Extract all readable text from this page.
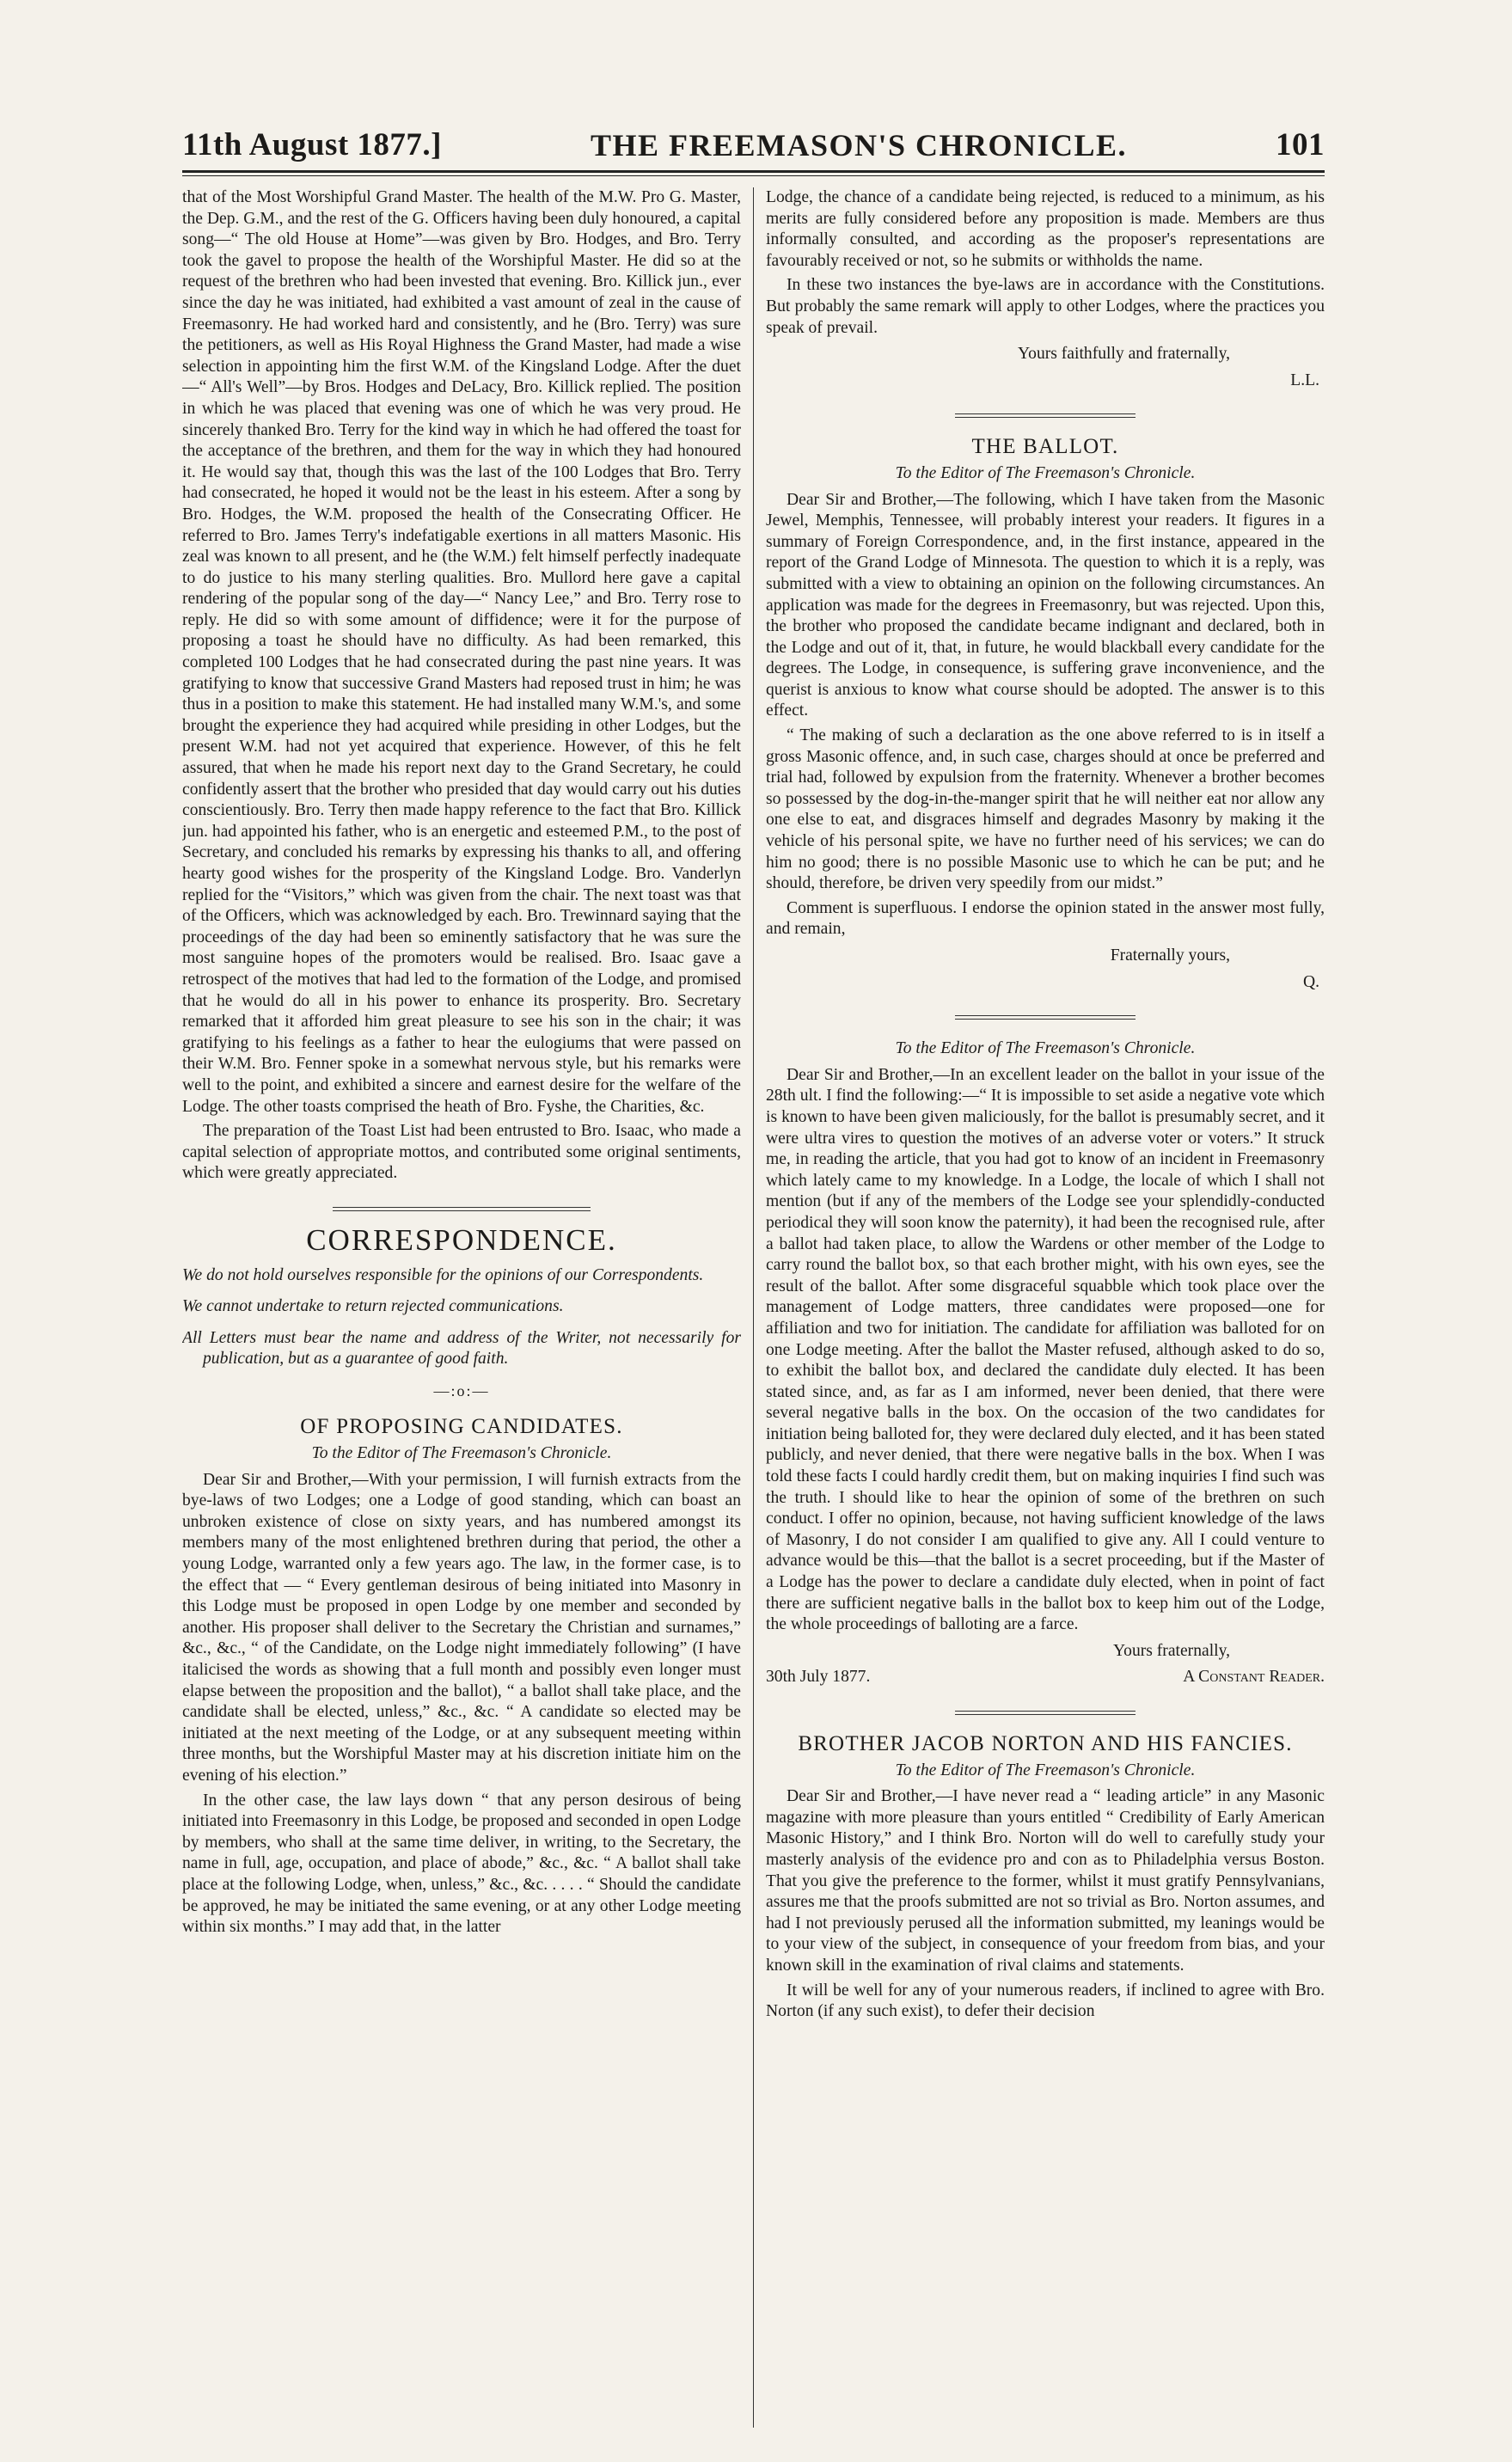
11th August 1877.]	THE FREEMASON'S CHRONICLE.	101

that of the Most Worshipful Grand Master. The health of the M.W. Pro G. Master, the Dep. G.M., and the rest of the G. Officers having been duly honoured, a capital song—“ The old House at Home”—was given by Bro. Hodges, and Bro. Terry took the gavel to propose the health of the Worshipful Master. He did so at the request of the brethren who had been invested that evening. Bro. Killick jun., ever since the day he was initiated, had exhibited a vast amount of zeal in the cause of Freemasonry. He had worked hard and consistently, and he (Bro. Terry) was sure the petitioners, as well as His Royal Highness the Grand Master, had made a wise selection in appointing him the first W.M. of the Kingsland Lodge. After the duet—“ All's Well”—by Bros. Hodges and DeLacy, Bro. Killick replied. The position in which he was placed that evening was one of which he was very proud. He sincerely thanked Bro. Terry for the kind way in which he had offered the toast for the acceptance of the brethren, and them for the way in which they had honoured it. He would say that, though this was the last of the 100 Lodges that Bro. Terry had consecrated, he hoped it would not be the least in his esteem. After a song by Bro. Hodges, the W.M. proposed the health of the Consecrating Officer. He referred to Bro. James Terry's indefatigable exertions in all matters Masonic. His zeal was known to all present, and he (the W.M.) felt himself perfectly inadequate to do justice to his many sterling qualities. Bro. Mullord here gave a capital rendering of the popular song of the day—“ Nancy Lee,” and Bro. Terry rose to reply. He did so with some amount of diffidence; were it for the purpose of proposing a toast he should have no difficulty. As had been remarked, this completed 100 Lodges that he had consecrated during the past nine years. It was gratifying to know that successive Grand Masters had reposed trust in him; he was thus in a position to make this statement. He had installed many W.M.'s, and some brought the experience they had acquired while presiding in other Lodges, but the present W.M. had not yet acquired that experience. However, of this he felt assured, that when he made his report next day to the Grand Secretary, he could confidently assert that the brother who presided that day would carry out his duties conscientiously. Bro. Terry then made happy reference to the fact that Bro. Killick jun. had appointed his father, who is an energetic and esteemed P.M., to the post of Secretary, and concluded his remarks by expressing his thanks to all, and offering hearty good wishes for the prosperity of the Kingsland Lodge. Bro. Vanderlyn replied for the “Visitors,” which was given from the chair. The next toast was that of the Officers, which was acknowledged by each. Bro. Trewinnard saying that the proceedings of the day had been so eminently satisfactory that he was sure the most sanguine hopes of the promoters would be realised. Bro. Isaac gave a retrospect of the motives that had led to the formation of the Lodge, and promised that he would do all in his power to enhance its prosperity. Bro. Secretary remarked that it afforded him great pleasure to see his son in the chair; it was gratifying to his feelings as a father to hear the eulogiums that were passed on their W.M. Bro. Fenner spoke in a somewhat nervous style, but his remarks were well to the point, and exhibited a sincere and earnest desire for the welfare of the Lodge. The other toasts comprised the heath of Bro. Fyshe, the Charities, &c.

The preparation of the Toast List had been entrusted to Bro. Isaac, who made a capital selection of appropriate mottos, and contributed some original sentiments, which were greatly appreciated.

CORRESPONDENCE.

We do not hold ourselves responsible for the opinions of our Correspondents.

We cannot undertake to return rejected communications.

All Letters must bear the name and address of the Writer, not necessarily for publication, but as a guarantee of good faith.

—:o:—
OF PROPOSING CANDIDATES.

To the Editor of The Freemason's Chronicle.

Dear Sir and Brother,—With your permission, I will furnish extracts from the bye-laws of two Lodges; one a Lodge of good standing, which can boast an unbroken existence of close on sixty years, and has numbered amongst its members many of the most enlightened brethren during that period, the other a young Lodge, warranted only a few years ago. The law, in the former case, is to the effect that — “ Every gentleman desirous of being initiated into Masonry in this Lodge must be proposed in open Lodge by one member and seconded by another. His proposer shall deliver to the Secretary the Christian and surnames,” &c., &c., “ of the Candidate, on the Lodge night immediately following” (I have italicised the words as showing that a full month and possibly even longer must elapse between the proposition and the ballot), “ a ballot shall take place, and the candidate shall be elected, unless,” &c., &c. “ A candidate so elected may be initiated at the next meeting of the Lodge, or at any subsequent meeting within three months, but the Worshipful Master may at his discretion initiate him on the evening of his election.”

In the other case, the law lays down “ that any person desirous of being initiated into Freemasonry in this Lodge, be proposed and seconded in open Lodge by members, who shall at the same time deliver, in writing, to the Secretary, the name in full, age, occupation, and place of abode,” &c., &c. “ A ballot shall take place at the following Lodge, when, unless,” &c., &c. . . . . “ Should the candidate be approved, he may be initiated the same evening, or at any other Lodge meeting within six months.” I may add that, in the latter

Lodge, the chance of a candidate being rejected, is reduced to a minimum, as his merits are fully considered before any proposition is made. Members are thus informally consulted, and according as the proposer's representations are favourably received or not, so he submits or withholds the name.

In these two instances the bye-laws are in accordance with the Constitutions. But probably the same remark will apply to other Lodges, where the practices you speak of prevail.

Yours faithfully and fraternally,

L.L.

THE BALLOT.

To the Editor of The Freemason's Chronicle.

Dear Sir and Brother,—The following, which I have taken from the Masonic Jewel, Memphis, Tennessee, will probably interest your readers. It figures in a summary of Foreign Correspondence, and, in the first instance, appeared in the report of the Grand Lodge of Minnesota. The question to which it is a reply, was submitted with a view to obtaining an opinion on the following circumstances. An application was made for the degrees in Freemasonry, but was rejected. Upon this, the brother who proposed the candidate became indignant and declared, both in the Lodge and out of it, that, in future, he would blackball every candidate for the degrees. The Lodge, in consequence, is suffering grave inconvenience, and the querist is anxious to know what course should be adopted. The answer is to this effect.

“ The making of such a declaration as the one above referred to is in itself a gross Masonic offence, and, in such case, charges should at once be preferred and trial had, followed by expulsion from the fraternity. Whenever a brother becomes so possessed by the dog-in-the-manger spirit that he will neither eat nor allow any one else to eat, and disgraces himself and degrades Masonry by making it the vehicle of his personal spite, we have no further need of his services; we can do him no good; there is no possible Masonic use to which he can be put; and he should, therefore, be driven very speedily from our midst.”

Comment is superfluous. I endorse the opinion stated in the answer most fully, and remain,

Fraternally yours,

Q.

To the Editor of The Freemason's Chronicle.

Dear Sir and Brother,—In an excellent leader on the ballot in your issue of the 28th ult. I find the following:—“ It is impossible to set aside a negative vote which is known to have been given maliciously, for the ballot is presumably secret, and it were ultra vires to question the motives of an adverse voter or voters.” It struck me, in reading the article, that you had got to know of an incident in Freemasonry which lately came to my knowledge. In a Lodge, the locale of which I shall not mention (but if any of the members of the Lodge see your splendidly-conducted periodical they will soon know the paternity), it had been the recognised rule, after a ballot had taken place, to allow the Wardens or other member of the Lodge to carry round the ballot box, so that each brother might, with his own eyes, see the result of the ballot. After some disgraceful squabble which took place over the management of Lodge matters, three candidates were proposed—one for affiliation and two for initiation. The candidate for affiliation was balloted for on one Lodge meeting. After the ballot the Master refused, although asked to do so, to exhibit the ballot box, and declared the candidate duly elected. It has been stated since, and, as far as I am informed, never been denied, that there were several negative balls in the box. On the occasion of the two candidates for initiation being balloted for, they were declared duly elected, and it has been stated publicly, and never denied, that there were negative balls in the box. When I was told these facts I could hardly credit them, but on making inquiries I find such was the truth. I should like to hear the opinion of some of the brethren on such conduct. I offer no opinion, because, not having sufficient knowledge of the laws of Masonry, I do not consider I am qualified to give any. All I could venture to advance would be this—that the ballot is a secret proceeding, but if the Master of a Lodge has the power to declare a candidate duly elected, when in point of fact there are sufficient negative balls in the ballot box to keep him out of the Lodge, the whole proceedings of balloting are a farce.

Yours fraternally,

30th July 1877.	A Constant Reader.
BROTHER JACOB NORTON AND HIS FANCIES.

To the Editor of The Freemason's Chronicle.

Dear Sir and Brother,—I have never read a “ leading article” in any Masonic magazine with more pleasure than yours entitled “ Credibility of Early American Masonic History,” and I think Bro. Norton will do well to carefully study your masterly analysis of the evidence pro and con as to Philadelphia versus Boston. That you give the preference to the former, whilst it must gratify Pennsylvanians, assures me that the proofs submitted are not so trivial as Bro. Norton assumes, and had I not previously perused all the information submitted, my leanings would be to your view of the subject, in consequence of your freedom from bias, and your known skill in the examination of rival claims and statements.

It will be well for any of your numerous readers, if inclined to agree with Bro. Norton (if any such exist), to defer their decision
